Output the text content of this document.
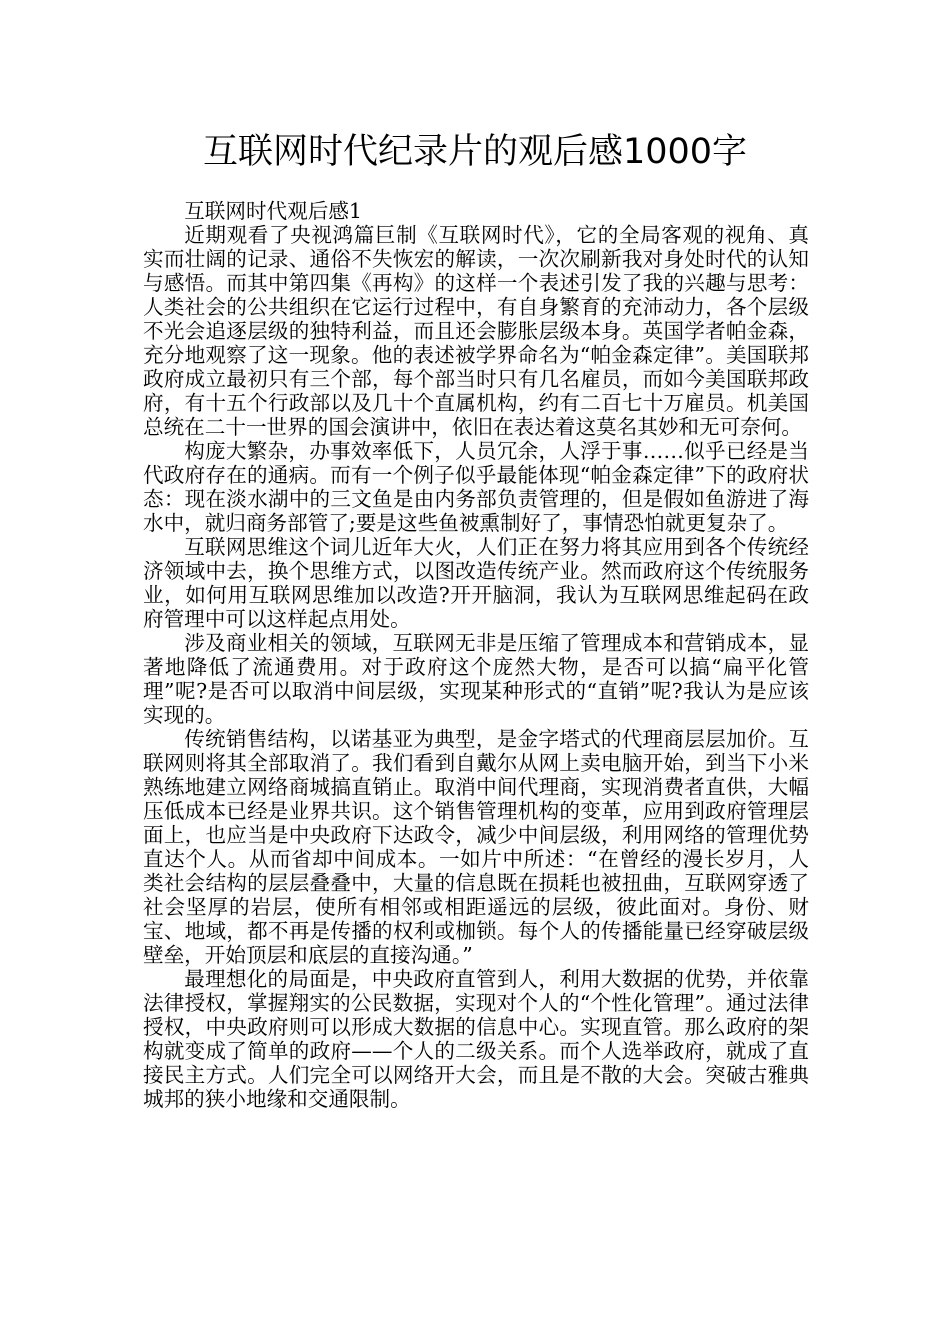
互联网时代纪录片的观后感1000字

互联网时代观后感1

近期观看了央视鸿篇巨制《互联网时代》，它的全局客观的视角、真实而壮阔的记录、通俗不失恢宏的解读，一次次刷新我对身处时代的认知与感悟。而其中第四集《再构》的这样一个表述引发了我的兴趣与思考：人类社会的公共组织在它运行过程中，有自身繁育的充沛动力，各个层级不光会追逐层级的独特利益，而且还会膨胀层级本身。英国学者帕金森，充分地观察了这一现象。他的表述被学界命名为“帕金森定律”。美国联邦政府成立最初只有三个部，每个部当时只有几名雇员，而如今美国联邦政府，有十五个行政部以及几十个直属机构，约有二百七十万雇员。机美国总统在二十一世界的国会演讲中，依旧在表达着这莫名其妙和无可奈何。

构庞大繁杂，办事效率低下，人员冗余，人浮于事……似乎已经是当代政府存在的通病。而有一个例子似乎最能体现“帕金森定律”下的政府状态：现在淡水湖中的三文鱼是由内务部负责管理的，但是假如鱼游进了海水中，就归商务部管了;要是这些鱼被熏制好了，事情恐怕就更复杂了。

互联网思维这个词儿近年大火，人们正在努力将其应用到各个传统经济领域中去，换个思维方式，以图改造传统产业。然而政府这个传统服务业，如何用互联网思维加以改造?开开脑洞，我认为互联网思维起码在政府管理中可以这样起点用处。

涉及商业相关的领域，互联网无非是压缩了管理成本和营销成本，显著地降低了流通费用。对于政府这个庞然大物，是否可以搞“扁平化管理”呢?是否可以取消中间层级，实现某种形式的“直销”呢?我认为是应该实现的。

传统销售结构，以诺基亚为典型，是金字塔式的代理商层层加价。互联网则将其全部取消了。我们看到自戴尔从网上卖电脑开始，到当下小米熟练地建立网络商城搞直销止。取消中间代理商，实现消费者直供，大幅压低成本已经是业界共识。这个销售管理机构的变革，应用到政府管理层面上，也应当是中央政府下达政令，减少中间层级，利用网络的管理优势直达个人。从而省却中间成本。一如片中所述：“在曾经的漫长岁月，人类社会结构的层层叠叠中，大量的信息既在损耗也被扭曲，互联网穿透了社会坚厚的岩层，使所有相邻或相距遥远的层级，彼此面对。身份、财宝、地域，都不再是传播的权利或枷锁。每个人的传播能量已经穿破层级壁垒，开始顶层和底层的直接沟通。”

最理想化的局面是，中央政府直管到人，利用大数据的优势，并依靠法律授权，掌握翔实的公民数据，实现对个人的“个性化管理”。通过法律授权，中央政府则可以形成大数据的信息中心。实现直管。那么政府的架构就变成了简单的政府——个人的二级关系。而个人选举政府，就成了直接民主方式。人们完全可以网络开大会，而且是不散的大会。突破古雅典城邦的狭小地缘和交通限制。
